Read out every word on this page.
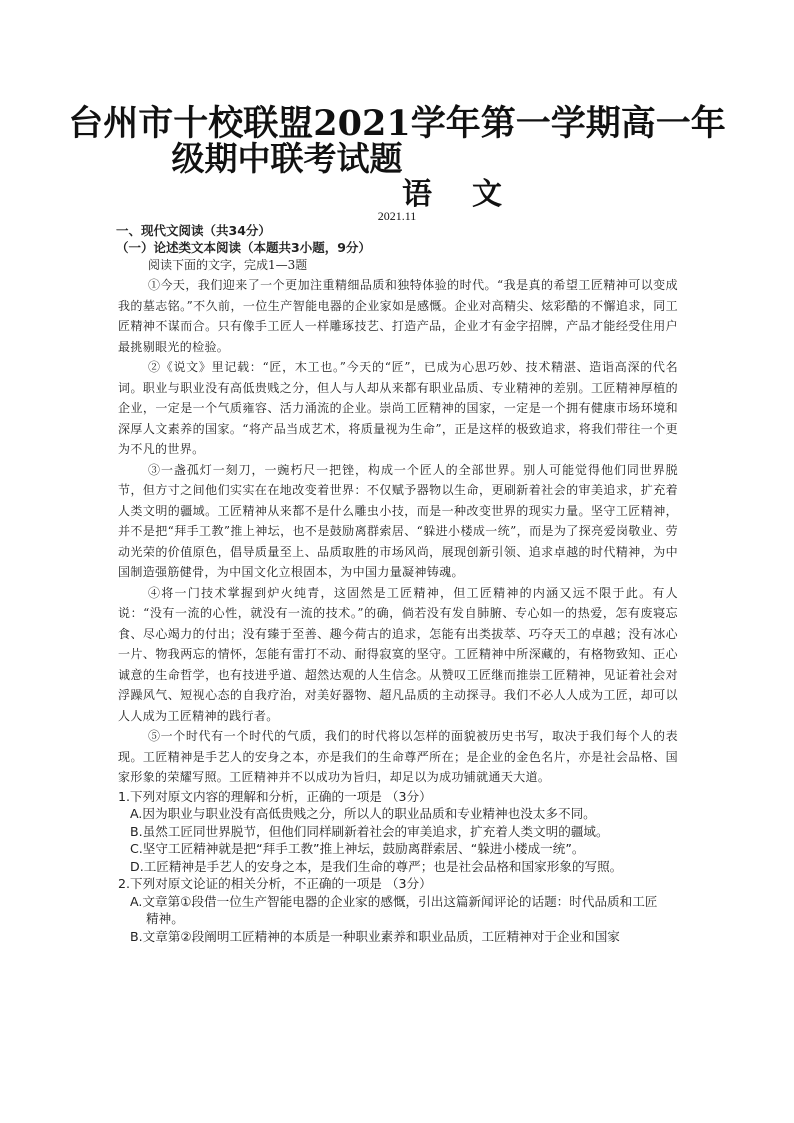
台州市十校联盟2021学年第一学期高一年
级期中联考试题
语文
2021.11

一、现代文阅读（共34分）

（一）论述类文本阅读（本题共3小题，9分）

阅读下面的文字，完成1—3题

①今天，我们迎来了一个更加注重精细品质和独特体验的时代。“我是真的希望工匠精神可以变成我的墓志铭。”不久前，一位生产智能电器的企业家如是感慨。企业对高精尖、炫彩酷的不懈追求，同工匠精神不谋而合。只有像手工匠人一样雕琢技艺、打造产品，企业才有金字招牌，产品才能经受住用户最挑剔眼光的检验。

②《说文》里记载：“匠，木工也。”今天的“匠”，已成为心思巧妙、技术精湛、造诣高深的代名词。职业与职业没有高低贵贱之分，但人与人却从来都有职业品质、专业精神的差别。工匠精神厚植的企业，一定是一个气质雍容、活力涌流的企业。崇尚工匠精神的国家，一定是一个拥有健康市场环境和深厚人文素养的国家。“将产品当成艺术，将质量视为生命”，正是这样的极致追求，将我们带往一个更为不凡的世界。

③一盏孤灯一刻刀，一豌朽尺一把锉，构成一个匠人的全部世界。别人可能觉得他们同世界脱节，但方寸之间他们实实在在地改变着世界：不仅赋予器物以生命，更刷新着社会的审美追求，扩充着人类文明的疆域。工匠精神从来都不是什么雕虫小技，而是一种改变世界的现实力量。坚守工匠精神，并不是把“拜手工教”推上神坛，也不是鼓励离群索居、“躲进小楼成一统”，而是为了探亮爱岗敬业、劳动光荣的价值原色，倡导质量至上、品质取胜的市场风尚，展现创新引领、追求卓越的时代精神，为中国制造强筋健骨，为中国文化立根固本，为中国力量凝神铸魂。

④将一门技术掌握到炉火纯青，这固然是工匠精神，但工匠精神的内涵又远不限于此。有人说：“没有一流的心性，就没有一流的技术。”的确，倘若没有发自肺腑、专心如一的热爱，怎有废寝忘食、尽心竭力的付出；没有臻于至善、趣今荷古的追求，怎能有出类拔萃、巧夺天工的卓越；没有冰心一片、物我两忘的情怀，怎能有雷打不动、耐得寂寞的坚守。工匠精神中所深藏的，有格物致知、正心诚意的生命哲学，也有技进乎道、超然达观的人生信念。从赞叹工匠继而推崇工匠精神，见证着社会对浮躁风气、短视心态的自我疗治，对美好器物、超凡品质的主动探寻。我们不必人人成为工匠，却可以人人成为工匠精神的践行者。

⑤一个时代有一个时代的气质，我们的时代将以怎样的面貌被历史书写，取决于我们每个人的表现。工匠精神是手艺人的安身之本，亦是我们的生命尊严所在；是企业的金色名片，亦是社会品格、国家形象的荣耀写照。工匠精神并不以成功为旨归，却足以为成功铺就通天大道。

1.下列对原文内容的理解和分析，正确的一项是 （3分）

A.因为职业与职业没有高低贵贱之分，所以人的职业品质和专业精神也没太多不同。

B.虽然工匠同世界脱节，但他们同样刷新着社会的审美追求，扩充着人类文明的疆域。

C.坚守工匠精神就是把“拜手工教”推上神坛，鼓励离群索居、“躲进小楼成一统”。

D.工匠精神是手艺人的安身之本，是我们生命的尊严；也是社会品格和国家形象的写照。

2.下列对原文论证的相关分析，不正确的一项是 （3分）

A.文章第①段借一位生产智能电器的企业家的感慨，引出这篇新闻评论的话题：时代品质和工匠

精神。

B.文章第②段阐明工匠精神的本质是一种职业素养和职业品质，工匠精神对于企业和国家
